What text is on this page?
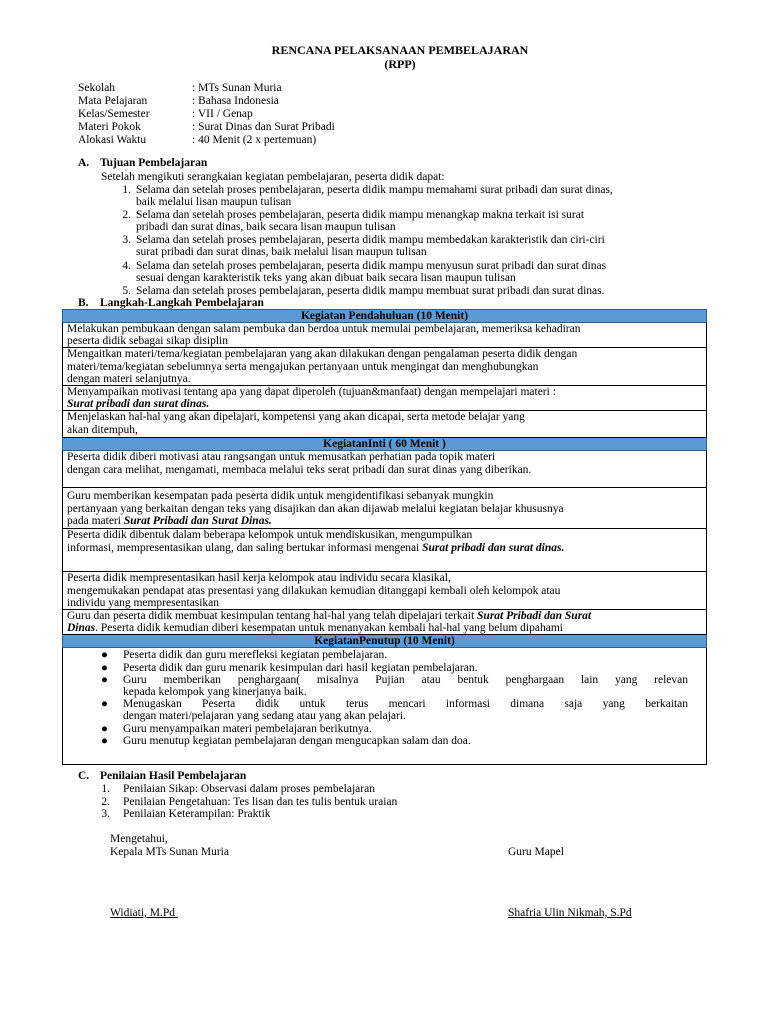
RENCANA PELAKSANAAN PEMBELAJARAN
(RPP)
Sekolah	: MTs Sunan Muria
Mata Pelajaran	: Bahasa Indonesia
Kelas/Semester	: VII / Genap
Materi Pokok	: Surat Dinas dan Surat Pribadi
Alokasi Waktu	: 40 Menit (2 x pertemuan)
A. Tujuan Pembelajaran
Setelah mengikuti serangkaian kegiatan pembelajaran, peserta didik dapat:
1. Selama dan setelah proses pembelajaran, peserta didik mampu memahami surat pribadi dan surat dinas,
baik melalui lisan maupun tulisan
2. Selama dan setelah proses pembelajaran, peserta didik mampu menangkap makna terkait isi surat
pribadi dan surat dinas, baik secara lisan maupun tulisan
3. Selama dan setelah proses pembelajaran, peserta didik mampu membedakan karakteristik dan ciri-ciri
surat pribadi dan surat dinas, baik melalui lisan maupun tulisan
4. Selama dan setelah proses pembelajaran, peserta didik mampu menyusun surat pribadi dan surat dinas
sesuai dengan karakteristik teks yang akan dibuat baik secara lisan maupun tulisan
5. Selama dan setelah proses pembelajaran, peserta didik mampu membuat surat pribadi dan surat dinas.
B. Langkah-Langkah Pembelajaran
Kegiatan Pendahuluan (10 Menit)

Melakukan pembukaan dengan salam pembuka dan berdoa untuk memulai pembelajaran, memeriksa kehadiran
peserta didik sebagai sikap disiplin

Mengaitkan materi/tema/kegiatan pembelajaran yang akan dilakukan dengan pengalaman peserta didik dengan
materi/tema/kegiatan sebelumnya serta mengajukan pertanyaan untuk mengingat dan menghubungkan
dengan materi selanjutnya.

Menyampaikan motivasi tentang apa yang dapat diperoleh (tujuan&manfaat) dengan mempelajari materi :
Surat pribadi dan surat dinas.

Menjelaskan hal-hal yang akan dipelajari, kompetensi yang akan dicapai, serta metode belajar yang
akan ditempuh,

KegiatanInti ( 60 Menit )

Peserta didik diberi motivasi atau rangsangan untuk memusatkan perhatian pada topik materi
dengan cara melihat, mengamati, membaca melalui teks serat pribadi dan surat dinas yang diberikan.

Guru memberikan kesempatan pada peserta didik untuk mengidentifikasi sebanyak mungkin
pertanyaan yang berkaitan dengan teks yang disajikan dan akan dijawab melalui kegiatan belajar khususnya
pada materi Surat Pribadi dan Surat Dinas.

Peserta didik dibentuk dalam beberapa kelompok untuk mendiskusikan, mengumpulkan
informasi, mempresentasikan ulang, dan saling bertukar informasi mengenai Surat pribadi dan surat dinas.

Peserta didik mempresentasikan hasil kerja kelompok atau individu secara klasikal,
mengemukakan pendapat atas presentasi yang dilakukan kemudian ditanggapi kembali oleh kelompok atau
individu yang mempresentasikan

Guru dan peserta didik membuat kesimpulan tentang hal-hal yang telah dipelajari terkait Surat Pribadi dan Surat
Dinas. Peserta didik kemudian diberi kesempatan untuk menanyakan kembali hal-hal yang belum dipahami

KegiatanPenutup (10 Menit)

● Peserta didik dan guru merefleksi kegiatan pembelajaran.
● Peserta didik dan guru menarik kesimpulan dari hasil kegiatan pembelajaran.
● Guru memberikan penghargaan( misalnya Pujian atau bentuk penghargaan lain yang relevan
kepada kelompok yang kinerjanya baik.
● Menugaskan Peserta didik untuk terus mencari informasi dimana saja yang berkaitan
dengan materi/pelajaran yang sedang atau yang akan pelajari.
● Guru menyampaikan materi pembelajaran berikutnya.
● Guru menutup kegiatan pembelajaran dengan mengucapkan salam dan doa.
C. Penilaian Hasil Pembelajaran
1. Penilaian Sikap: Observasi dalam proses pembelajaran
2. Penilaian Pengetahuan: Tes lisan dan tes tulis bentuk uraian
3. Penilaian Keterampilan: Praktik
Mengetahui,
Kepala MTs Sunan Muria	Guru Mapel
Widiati, M.Pd	Shafria Ulin Nikmah, S.Pd
